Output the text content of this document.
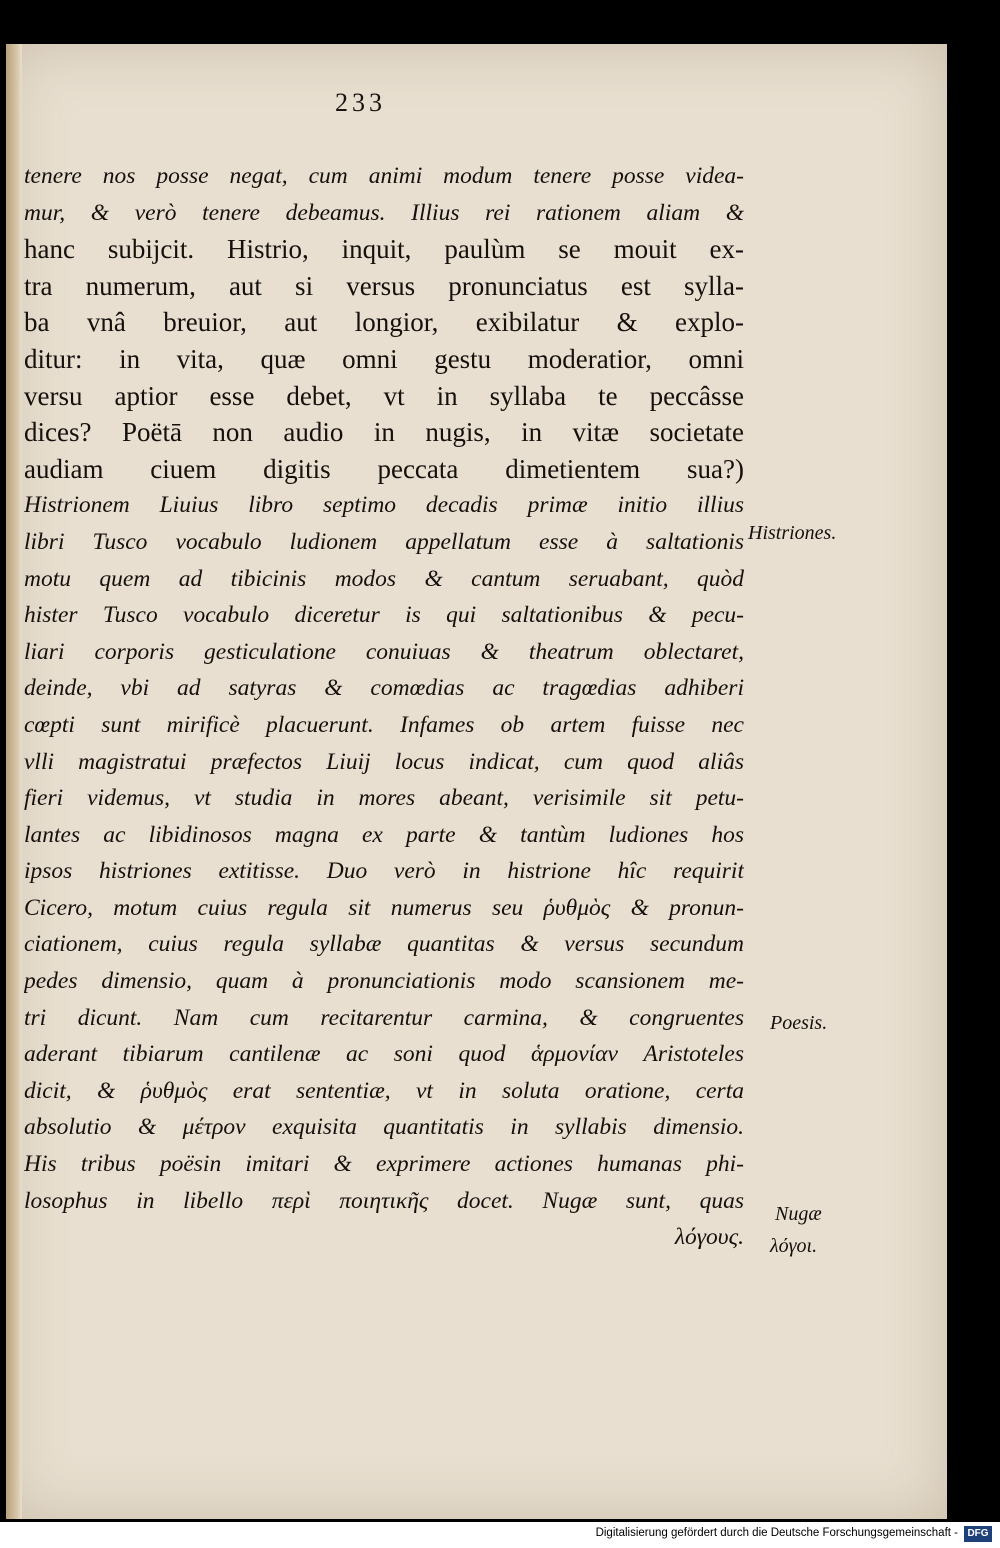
233
tenere nos posse negat, cum animi modum tenere posse videa-
mur, & verò tenere debeamus. Illius rei rationem aliam &
hanc subijcit. Histrio, inquit, paulùm se mouit ex-
tra numerum, aut si versus pronunciatus est sylla-
ba vnâ breuior, aut longior, exibilatur & explo-
ditur: in vita, quæ omni gestu moderatior, omni
versu aptior esse debet, vt in syllaba te peccâsse
dices? Poëtā non audio in nugis, in vitæ societate
audiam ciuem digitis peccata dimetientem sua?)
Histrionem Liuius libro septimo decadis primæ initio illius
libri Tusco vocabulo ludionem appellatum esse à saltationis
motu quem ad tibicinis modos & cantum seruabant, quòd
hister Tusco vocabulo diceretur is qui saltationibus & pecu-
liari corporis gesticulatione conuiuas & theatrum oblectaret,
deinde, vbi ad satyras & comœdias ac tragœdias adhiberi
cœpti sunt mirificè placuerunt. Infames ob artem fuisse nec
vlli magistratui præfectos Liuij locus indicat, cum quod aliâs
fieri videmus, vt studia in mores abeant, verisimile sit petu-
lantes ac libidinosos magna ex parte & tantùm ludiones hos
ipsos histriones extitisse. Duo verò in histrione hîc requirit
Cicero, motum cuius regula sit numerus seu ῥυθμὸς & pronun-
ciationem, cuius regula syllabæ quantitas & versus secundum
pedes dimensio, quam à pronunciationis modo scansionem me-
tri dicunt. Nam cum recitarentur carmina, & congruentes
aderant tibiarum cantilenæ ac soni quod ἁρμονίαν Aristoteles
dicit, & ῥυθμὸς erat sententiæ, vt in soluta oratione, certa
absolutio & μέτρον exquisita quantitatis in syllabis dimensio.
His tribus poësin imitari & exprimere actiones humanas phi-
losophus in libello περὶ ποιητικῆς docet. Nugæ sunt, quas
λόγους.
Histriones.
Poesis.
Nugæ
λόγοι.
Digitalisierung gefördert durch die Deutsche Forschungsgemeinschaft - DFG
